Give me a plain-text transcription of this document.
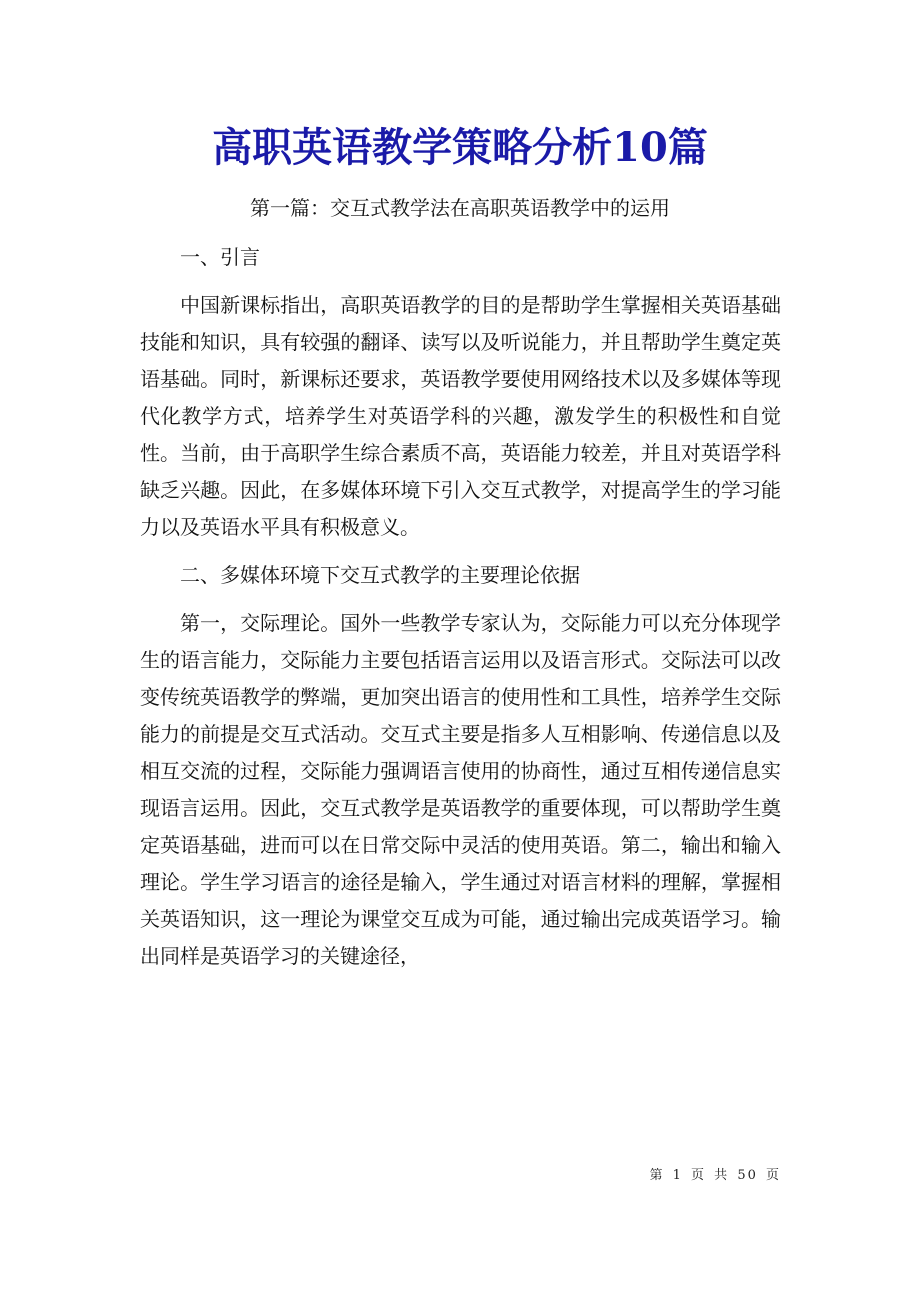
高职英语教学策略分析10篇

第一篇：交互式教学法在高职英语教学中的运用

一、引言

中国新课标指出，高职英语教学的目的是帮助学生掌握相关英语基础技能和知识，具有较强的翻译、读写以及听说能力，并且帮助学生奠定英语基础。同时，新课标还要求，英语教学要使用网络技术以及多媒体等现代化教学方式，培养学生对英语学科的兴趣，激发学生的积极性和自觉性。当前，由于高职学生综合素质不高，英语能力较差，并且对英语学科缺乏兴趣。因此，在多媒体环境下引入交互式教学，对提高学生的学习能力以及英语水平具有积极意义。

二、多媒体环境下交互式教学的主要理论依据

第一，交际理论。国外一些教学专家认为，交际能力可以充分体现学生的语言能力，交际能力主要包括语言运用以及语言形式。交际法可以改变传统英语教学的弊端，更加突出语言的使用性和工具性，培养学生交际能力的前提是交互式活动。交互式主要是指多人互相影响、传递信息以及相互交流的过程，交际能力强调语言使用的协商性，通过互相传递信息实现语言运用。因此，交互式教学是英语教学的重要体现，可以帮助学生奠定英语基础，进而可以在日常交际中灵活的使用英语。第二，输出和输入理论。学生学习语言的途径是输入，学生通过对语言材料的理解，掌握相关英语知识，这一理论为课堂交互成为可能，通过输出完成英语学习。输出同样是英语学习的关键途径，

第 1 页 共 50 页
